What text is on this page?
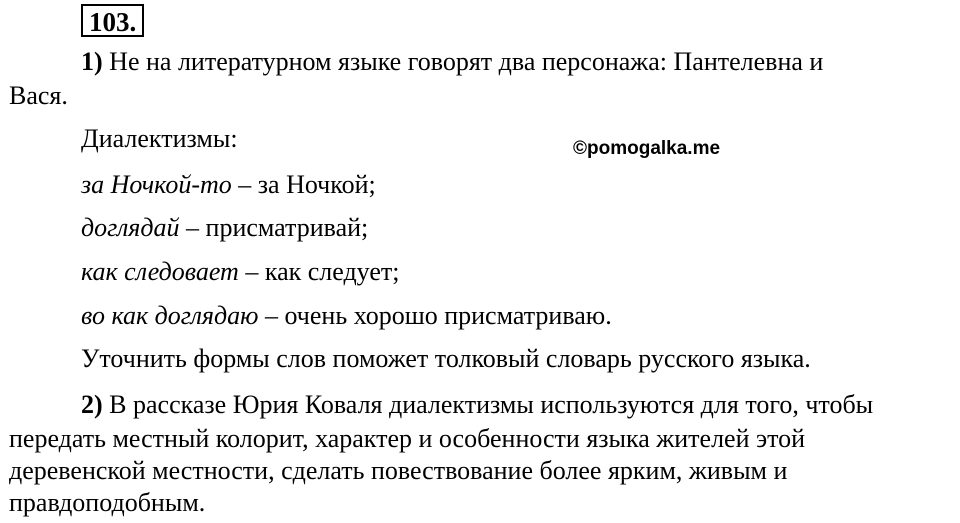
103.
1) Не на литературном языке говорят два персонажа: Пантелевна и
Вася.
Диалектизмы:	©pomogalka.me
за Ночкой-то – за Ночкой;
доглядай – присматривай;
как следовает – как следует;
во как доглядаю – очень хорошо присматриваю.
Уточнить формы слов поможет толковый словарь русского языка.
2) В рассказе Юрия Коваля диалектизмы используются для того, чтобы
передать местный колорит, характер и особенности языка жителей этой
деревенской местности, сделать повествование более ярким, живым и
правдоподобным.
